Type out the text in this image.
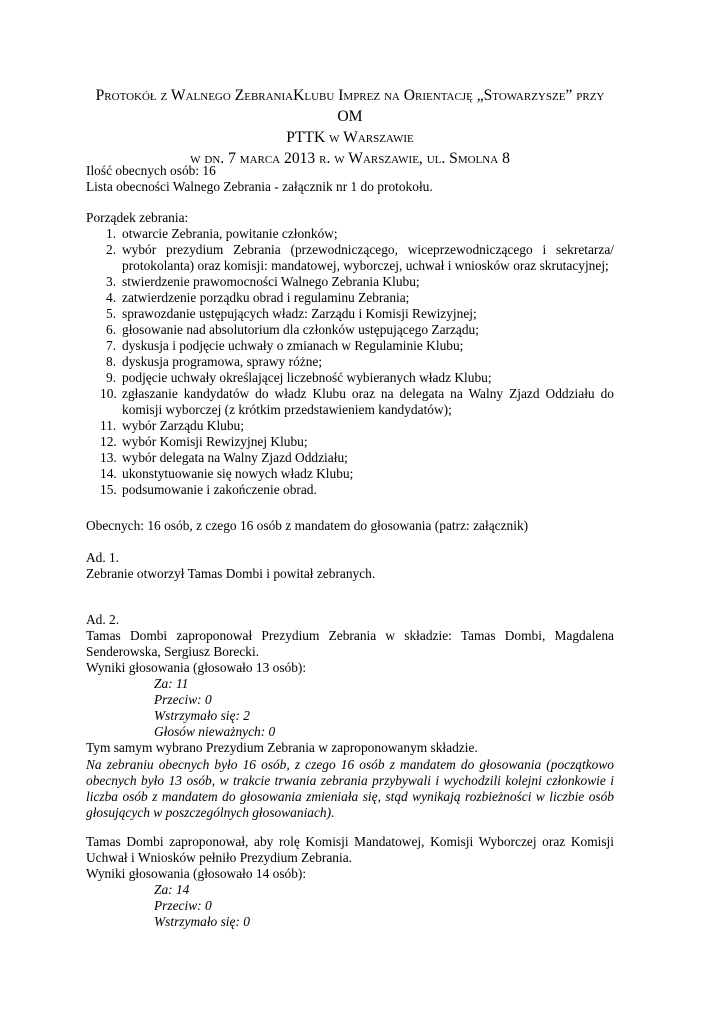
Protokół z Walnego ZebraniaKlubu Imprez na Orientację „Stowarzysze” przy OM
PTTK w Warszawie
w dn. 7 marca 2013 r. w Warszawie, ul. Smolna 8
Ilość obecnych osób: 16
Lista obecności Walnego Zebrania - załącznik nr 1 do protokołu.
Porządek zebrania:
1. otwarcie Zebrania, powitanie członków;
2. wybór prezydium Zebrania (przewodniczącego, wiceprzewodniczącego i sekretarza/
protokolanta) oraz komisji: mandatowej, wyborczej, uchwał i wniosków oraz skrutacyjnej;
3. stwierdzenie prawomocności Walnego Zebrania Klubu;
4. zatwierdzenie porządku obrad i regulaminu Zebrania;
5. sprawozdanie ustępujących władz: Zarządu i Komisji Rewizyjnej;
6. głosowanie nad absolutorium dla członków ustępującego Zarządu;
7. dyskusja i podjęcie uchwały o zmianach w Regulaminie Klubu;
8. dyskusja programowa, sprawy różne;
9. podjęcie uchwały określającej liczebność wybieranych władz Klubu;
10. zgłaszanie kandydatów do władz Klubu oraz na delegata na Walny Zjazd Oddziału do
komisji wyborczej (z krótkim przedstawieniem kandydatów);
11. wybór Zarządu Klubu;
12. wybór Komisji Rewizyjnej Klubu;
13. wybór delegata na Walny Zjazd Oddziału;
14. ukonstytuowanie się nowych władz Klubu;
15. podsumowanie i zakończenie obrad.
Obecnych: 16 osób, z czego 16 osób z mandatem do głosowania (patrz: załącznik)
Ad. 1.
Zebranie otworzył Tamas Dombi i powitał zebranych.
Ad. 2.
Tamas Dombi zaproponował Prezydium Zebrania w składzie: Tamas Dombi, Magdalena
Senderowska, Sergiusz Borecki.
Wyniki głosowania (głosowało 13 osób):
Za: 11
Przeciw: 0
Wstrzymało się: 2
Głosów nieważnych: 0
Tym samym wybrano Prezydium Zebrania w zaproponowanym składzie.
Na zebraniu obecnych było 16 osób, z czego 16 osób z mandatem do głosowania (początkowo
obecnych było 13 osób, w trakcie trwania zebrania przybywali i wychodzili kolejni członkowie i
liczba osób z mandatem do głosowania zmieniała się, stąd wynikają rozbieżności w liczbie osób
głosujących w poszczególnych głosowaniach).
Tamas Dombi zaproponował, aby rolę Komisji Mandatowej, Komisji Wyborczej oraz Komisji
Uchwał i Wniosków pełniło Prezydium Zebrania.
Wyniki głosowania (głosowało 14 osób):
Za: 14
Przeciw: 0
Wstrzymało się: 0
